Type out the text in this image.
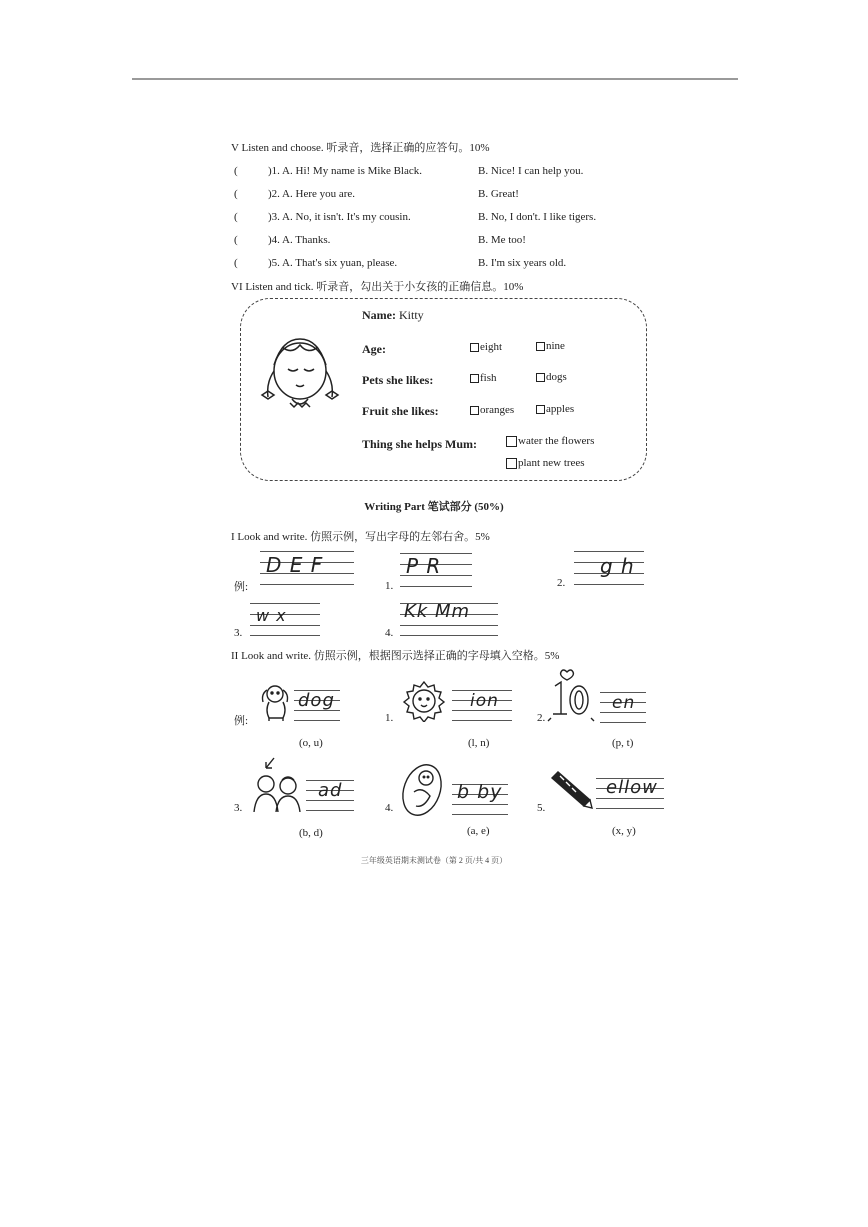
V Listen and choose. 听录音，选择正确的应答句。10%
(	)1. A. Hi! My name is Mike Black.	B. Nice! I can help you.
(	)2. A. Here you are.	B. Great!
(	)3. A. No, it isn't. It's my cousin.	B. No, I don't. I like tigers.
(	)4. A. Thanks.	B. Me too!
(	)5. A. That's six yuan, please.	B. I'm six years old.
VI Listen and tick. 听录音，勾出关于小女孩的正确信息。10%
Name: Kitty
Age:	eight	nine
Pets she likes:	fish	dogs
Fruit she likes:	oranges	apples
Thing she helps Mum:	water the flowers
plant new trees
Writing Part 笔试部分 (50%)
I Look and write. 仿照示例，写出字母的左邻右舍。5%
例:
D E F
1.
P R
2.
g h
3.
w x
4.
Kk Mm
II Look and write. 仿照示例，根据图示选择正确的字母填入空格。5%
例:
dog
(o, u)
1.
ion
(l, n)
2.
en
(p, t)
3.
ad
(b, d)
4.
b by
(a, e)
5.
ellow
(x, y)
三年级英语期末测试卷（第 2 页/共 4 页）
